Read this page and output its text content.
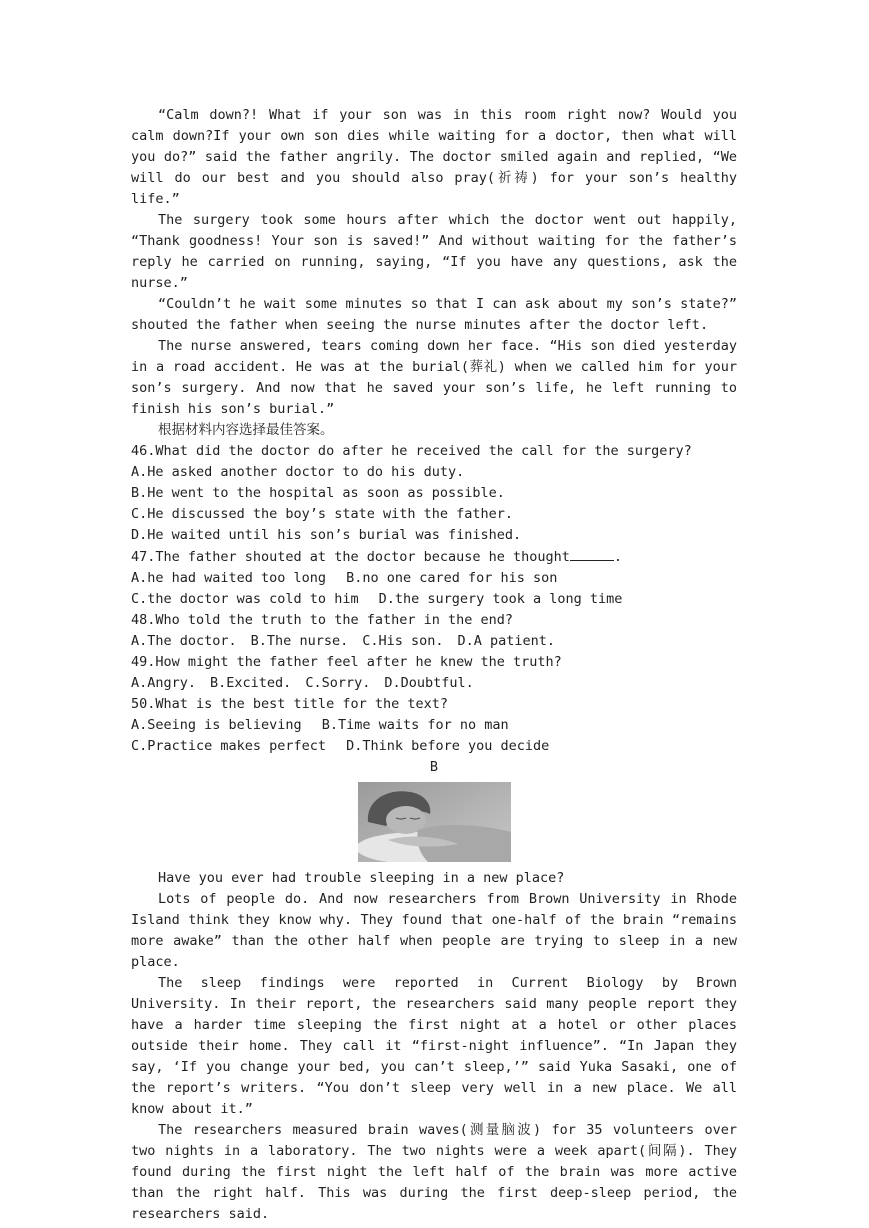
“Calm down?! What if your son was in this room right now? Would you calm down?If your own son dies while waiting for a doctor, then what will you do?” said the father angrily. The doctor smiled again and replied, “We will do our best and you should also pray(祈祷) for your son’s healthy life.”

The surgery took some hours after which the doctor went out happily, “Thank goodness! Your son is saved!” And without waiting for the father’s reply he carried on running, saying, “If you have any questions, ask the nurse.”

“Couldn’t he wait some minutes so that I can ask about my son’s state?” shouted the father when seeing the nurse minutes after the doctor left.

The nurse answered, tears coming down her face. “His son died yesterday in a road accident. He was at the burial(葬礼) when we called him for your son’s surgery. And now that he saved your son’s life, he left running to finish his son’s burial.”

根据材料内容选择最佳答案。

46.What did the doctor do after he received the call for the surgery?

A.He asked another doctor to do his duty.

B.He went to the hospital as soon as possible.

C.He discussed the boy’s state with the father.

D.He waited until his son’s burial was finished.

47.The father shouted at the doctor because he thought	.

A.he had waited too long B.no one cared for his son

C.the doctor was cold to him D.the surgery took a long time

48.Who told the truth to the father in the end?

A.The doctor. B.The nurse. C.His son. D.A patient.

49.How might the father feel after he knew the truth?

A.Angry. B.Excited. C.Sorry. D.Doubtful.

50.What is the best title for the text?

A.Seeing is believing B.Time waits for no man

C.Practice makes perfect D.Think before you decide

B

Have you ever had trouble sleeping in a new place?

Lots of people do. And now researchers from Brown University in Rhode Island think they know why. They found that one-half of the brain “remains more awake” than the other half when people are trying to sleep in a new place.

The sleep findings were reported in Current Biology by Brown University. In their report, the researchers said many people report they have a harder time sleeping the first night at a hotel or other places outside their home. They call it “first-night influence”. “In Japan they say, ‘If you change your bed, you can’t sleep,’” said Yuka Sasaki, one of the report’s writers. “You don’t sleep very well in a new place. We all know about it.”

The researchers measured brain waves(测量脑波) for 35 volunteers over two nights in a laboratory. The two nights were a week apart(间隔). They found during the first night the left half of the brain was more active than the right half. This was during the first deep-sleep period, the researchers said.
